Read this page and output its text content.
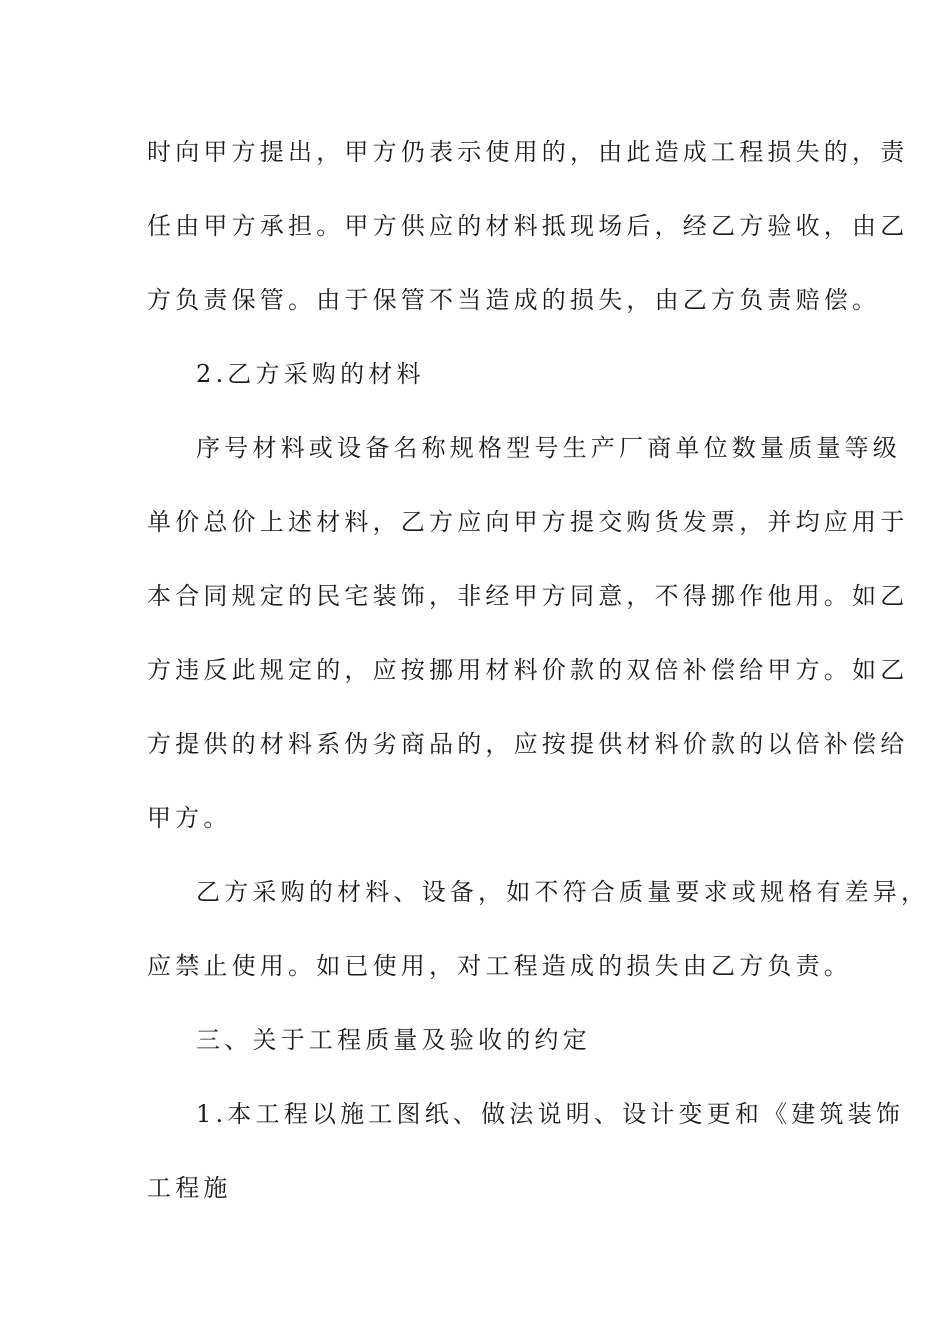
时向甲方提出，甲方仍表示使用的，由此造成工程损失的，责
任由甲方承担。甲方供应的材料抵现场后，经乙方验收，由乙
方负责保管。由于保管不当造成的损失，由乙方负责赔偿。
2.乙方采购的材料
序号材料或设备名称规格型号生产厂商单位数量质量等级
单价总价上述材料，乙方应向甲方提交购货发票，并均应用于
本合同规定的民宅装饰，非经甲方同意，不得挪作他用。如乙
方违反此规定的，应按挪用材料价款的双倍补偿给甲方。如乙
方提供的材料系伪劣商品的，应按提供材料价款的以倍补偿给
甲方。
乙方采购的材料、设备，如不符合质量要求或规格有差异，
应禁止使用。如已使用，对工程造成的损失由乙方负责。
三、关于工程质量及验收的约定
1.本工程以施工图纸、做法说明、设计变更和《建筑装饰
工程施
